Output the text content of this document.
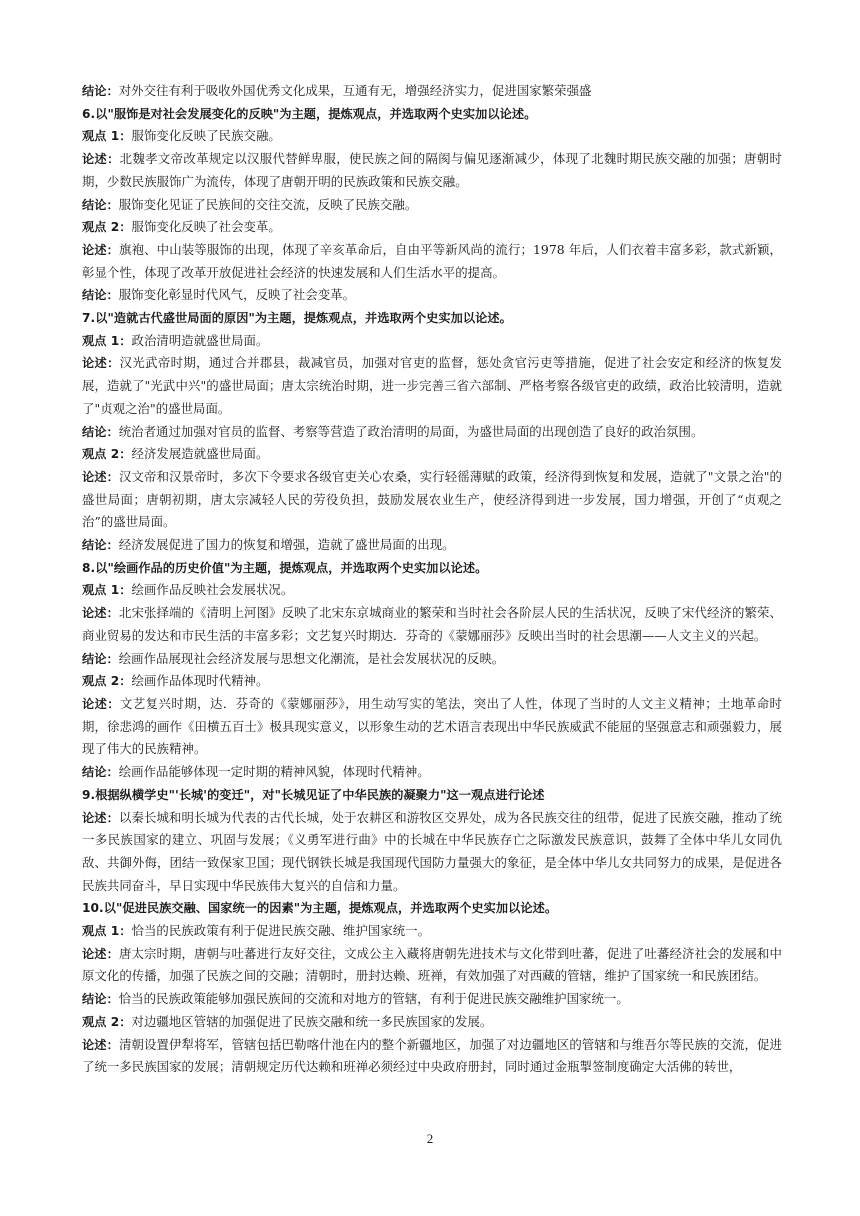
结论：对外交往有利于吸收外国优秀文化成果，互通有无，增强经济实力，促进国家繁荣强盛

6.以"服饰是对社会发展变化的反映"为主题，提炼观点，并选取两个史实加以论述。

观点 1：服饰变化反映了民族交融。

论述：北魏孝文帝改革规定以汉服代替鲜卑服，使民族之间的隔阂与偏见逐渐减少，体现了北魏时期民族交融的加强；唐朝时期，少数民族服饰广为流传，体现了唐朝开明的民族政策和民族交融。

结论：服饰变化见证了民族间的交往交流，反映了民族交融。

观点 2：服饰变化反映了社会变革。

论述：旗袍、中山装等服饰的出现，体现了辛亥革命后，自由平等新风尚的流行；1978 年后，人们衣着丰富多彩，款式新颖，彰显个性，体现了改革开放促进社会经济的快速发展和人们生活水平的提高。

结论：服饰变化彰显时代风气，反映了社会变革。

7.以"造就古代盛世局面的原因"为主题，提炼观点，并选取两个史实加以论述。

观点 1：政治清明造就盛世局面。

论述：汉光武帝时期，通过合并郡县，裁减官员，加强对官吏的监督，惩处贪官污吏等措施，促进了社会安定和经济的恢复发展，造就了"光武中兴"的盛世局面；唐太宗统治时期，进一步完善三省六部制、严格考察各级官吏的政绩，政治比较清明，造就了"贞观之治"的盛世局面。

结论：统治者通过加强对官员的监督、考察等营造了政治清明的局面，为盛世局面的出现创造了良好的政治氛围。

观点 2：经济发展造就盛世局面。

论述：汉文帝和汉景帝时，多次下令要求各级官吏关心农桑，实行轻徭薄赋的政策，经济得到恢复和发展，造就了"文景之治"的盛世局面；唐朝初期，唐太宗减轻人民的劳役负担，鼓励发展农业生产，使经济得到进一步发展，国力增强，开创了“贞观之治”的盛世局面。

结论：经济发展促进了国力的恢复和增强，造就了盛世局面的出现。

8.以"绘画作品的历史价值"为主题，提炼观点，并选取两个史实加以论述。

观点 1：绘画作品反映社会发展状况。

论述：北宋张择端的《清明上河图》反映了北宋东京城商业的繁荣和当时社会各阶层人民的生活状况，反映了宋代经济的繁荣、商业贸易的发达和市民生活的丰富多彩；文艺复兴时期达．芬奇的《蒙娜丽莎》反映出当时的社会思潮——人文主义的兴起。

结论：绘画作品展现社会经济发展与思想文化潮流，是社会发展状况的反映。

观点 2：绘画作品体现时代精神。

论述：文艺复兴时期，达．芬奇的《蒙娜丽莎》，用生动写实的笔法，突出了人性，体现了当时的人文主义精神；土地革命时期，徐悲鸿的画作《田横五百士》极具现实意义，以形象生动的艺术语言表现出中华民族威武不能屈的坚强意志和顽强毅力，展现了伟大的民族精神。

结论：绘画作品能够体现一定时期的精神风貌，体现时代精神。

9.根据纵横学史"'长城'的变迁"，对"长城见证了中华民族的凝聚力"这一观点进行论述

论述：以秦长城和明长城为代表的古代长城，处于农耕区和游牧区交界处，成为各民族交往的纽带，促进了民族交融，推动了统一多民族国家的建立、巩固与发展；《义勇军进行曲》中的长城在中华民族存亡之际激发民族意识，鼓舞了全体中华儿女同仇敌、共御外侮，团结一致保家卫国；现代钢铁长城是我国现代国防力量强大的象征，是全体中华儿女共同努力的成果，是促进各民族共同奋斗，早日实现中华民族伟大复兴的自信和力量。

10.以"促进民族交融、国家统一的因素"为主题，提炼观点，并选取两个史实加以论述。

观点 1：恰当的民族政策有利于促进民族交融、维护国家统一。

论述：唐太宗时期，唐朝与吐蕃进行友好交往，文成公主入藏将唐朝先进技术与文化带到吐蕃，促进了吐蕃经济社会的发展和中原文化的传播，加强了民族之间的交融；清朝时，册封达赖、班禅，有效加强了对西藏的管辖，维护了国家统一和民族团结。

结论：恰当的民族政策能够加强民族间的交流和对地方的管辖，有利于促进民族交融维护国家统一。

观点 2：对边疆地区管辖的加强促进了民族交融和统一多民族国家的发展。

论述：清朝设置伊犁将军，管辖包括巴勒喀什池在内的整个新疆地区，加强了对边疆地区的管辖和与维吾尔等民族的交流，促进了统一多民族国家的发展；清朝规定历代达赖和班禅必须经过中央政府册封，同时通过金瓶掣签制度确定大活佛的转世，

2
